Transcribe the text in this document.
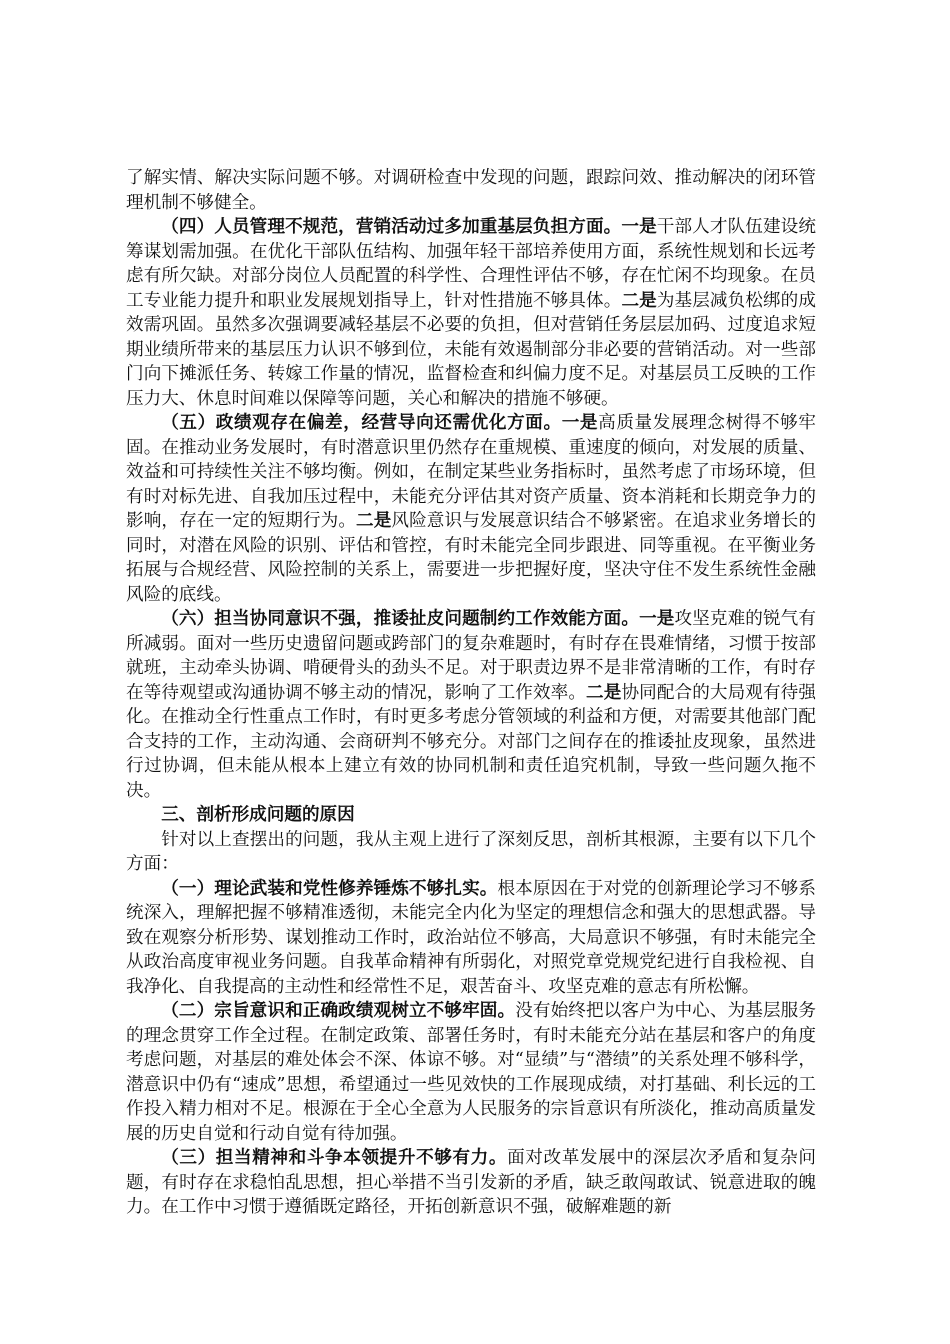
了解实情、解决实际问题不够。对调研检查中发现的问题，跟踪问效、推动解决的闭环管理机制不够健全。

（四）人员管理不规范，营销活动过多加重基层负担方面。一是干部人才队伍建设统筹谋划需加强。在优化干部队伍结构、加强年轻干部培养使用方面，系统性规划和长远考虑有所欠缺。对部分岗位人员配置的科学性、合理性评估不够，存在忙闲不均现象。在员工专业能力提升和职业发展规划指导上，针对性措施不够具体。二是为基层减负松绑的成效需巩固。虽然多次强调要减轻基层不必要的负担，但对营销任务层层加码、过度追求短期业绩所带来的基层压力认识不够到位，未能有效遏制部分非必要的营销活动。对一些部门向下摊派任务、转嫁工作量的情况，监督检查和纠偏力度不足。对基层员工反映的工作压力大、休息时间难以保障等问题，关心和解决的措施不够硬。

（五）政绩观存在偏差，经营导向还需优化方面。一是高质量发展理念树得不够牢固。在推动业务发展时，有时潜意识里仍然存在重规模、重速度的倾向，对发展的质量、效益和可持续性关注不够均衡。例如，在制定某些业务指标时，虽然考虑了市场环境，但有时对标先进、自我加压过程中，未能充分评估其对资产质量、资本消耗和长期竞争力的影响，存在一定的短期行为。二是风险意识与发展意识结合不够紧密。在追求业务增长的同时，对潜在风险的识别、评估和管控，有时未能完全同步跟进、同等重视。在平衡业务拓展与合规经营、风险控制的关系上，需要进一步把握好度，坚决守住不发生系统性金融风险的底线。

（六）担当协同意识不强，推诿扯皮问题制约工作效能方面。一是攻坚克难的锐气有所减弱。面对一些历史遗留问题或跨部门的复杂难题时，有时存在畏难情绪，习惯于按部就班，主动牵头协调、啃硬骨头的劲头不足。对于职责边界不是非常清晰的工作，有时存在等待观望或沟通协调不够主动的情况，影响了工作效率。二是协同配合的大局观有待强化。在推动全行性重点工作时，有时更多考虑分管领域的利益和方便，对需要其他部门配合支持的工作，主动沟通、会商研判不够充分。对部门之间存在的推诿扯皮现象，虽然进行过协调，但未能从根本上建立有效的协同机制和责任追究机制，导致一些问题久拖不决。

三、剖析形成问题的原因

针对以上查摆出的问题，我从主观上进行了深刻反思，剖析其根源，主要有以下几个方面：

（一）理论武装和党性修养锤炼不够扎实。根本原因在于对党的创新理论学习不够系统深入，理解把握不够精准透彻，未能完全内化为坚定的理想信念和强大的思想武器。导致在观察分析形势、谋划推动工作时，政治站位不够高，大局意识不够强，有时未能完全从政治高度审视业务问题。自我革命精神有所弱化，对照党章党规党纪进行自我检视、自我净化、自我提高的主动性和经常性不足，艰苦奋斗、攻坚克难的意志有所松懈。

（二）宗旨意识和正确政绩观树立不够牢固。没有始终把以客户为中心、为基层服务的理念贯穿工作全过程。在制定政策、部署任务时，有时未能充分站在基层和客户的角度考虑问题，对基层的难处体会不深、体谅不够。对“显绩”与“潜绩”的关系处理不够科学，潜意识中仍有“速成”思想，希望通过一些见效快的工作展现成绩，对打基础、利长远的工作投入精力相对不足。根源在于全心全意为人民服务的宗旨意识有所淡化，推动高质量发展的历史自觉和行动自觉有待加强。

（三）担当精神和斗争本领提升不够有力。面对改革发展中的深层次矛盾和复杂问题，有时存在求稳怕乱思想，担心举措不当引发新的矛盾，缺乏敢闯敢试、锐意进取的魄力。在工作中习惯于遵循既定路径，开拓创新意识不强，破解难题的新
